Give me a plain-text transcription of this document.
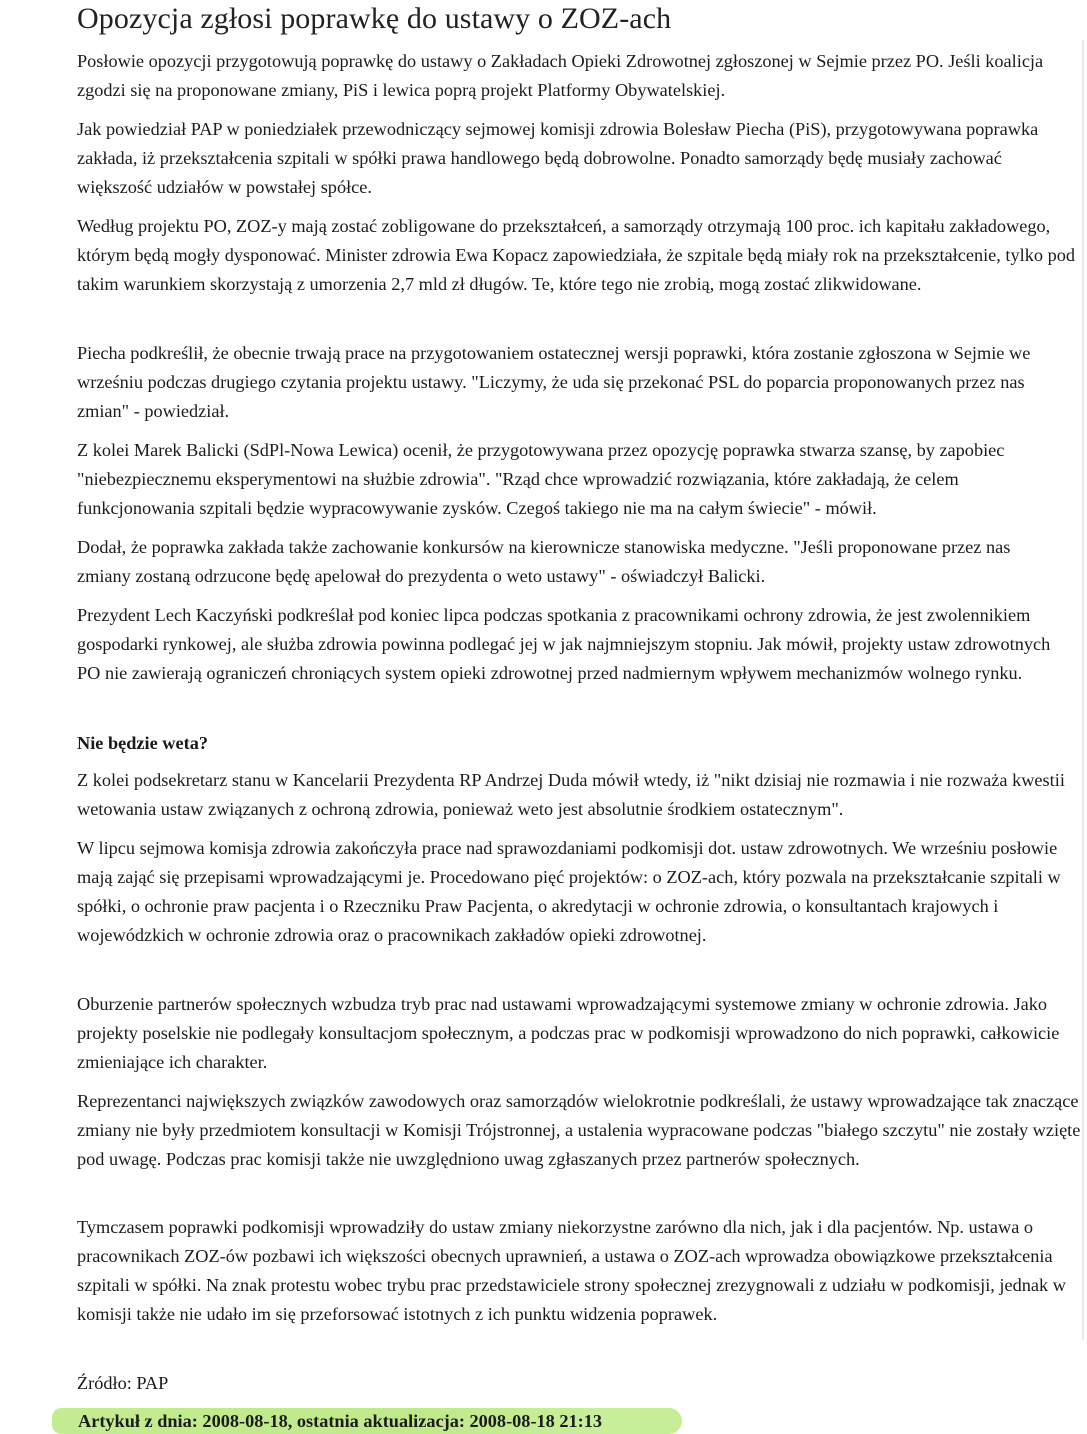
Opozycja zgłosi poprawkę do ustawy o ZOZ-ach

Posłowie opozycji przygotowują poprawkę do ustawy o Zakładach Opieki Zdrowotnej zgłoszonej w Sejmie przez PO. Jeśli koalicja zgodzi się na proponowane zmiany, PiS i lewica poprą projekt Platformy Obywatelskiej.

Jak powiedział PAP w poniedziałek przewodniczący sejmowej komisji zdrowia Bolesław Piecha (PiS), przygotowywana poprawka zakłada, iż przekształcenia szpitali w spółki prawa handlowego będą dobrowolne. Ponadto samorządy będę musiały zachować większość udziałów w powstałej spółce.

Według projektu PO, ZOZ-y mają zostać zobligowane do przekształceń, a samorządy otrzymają 100 proc. ich kapitału zakładowego, którym będą mogły dysponować. Minister zdrowia Ewa Kopacz zapowiedziała, że szpitale będą miały rok na przekształcenie, tylko pod takim warunkiem skorzystają z umorzenia 2,7 mld zł długów. Te, które tego nie zrobią, mogą zostać zlikwidowane.

Piecha podkreślił, że obecnie trwają prace na przygotowaniem ostatecznej wersji poprawki, która zostanie zgłoszona w Sejmie we wrześniu podczas drugiego czytania projektu ustawy. "Liczymy, że uda się przekonać PSL do poparcia proponowanych przez nas zmian" - powiedział.

Z kolei Marek Balicki (SdPl-Nowa Lewica) ocenił, że przygotowywana przez opozycję poprawka stwarza szansę, by zapobiec "niebezpiecznemu eksperymentowi na służbie zdrowia". "Rząd chce wprowadzić rozwiązania, które zakładają, że celem funkcjonowania szpitali będzie wypracowywanie zysków. Czegoś takiego nie ma na całym świecie" - mówił.

Dodał, że poprawka zakłada także zachowanie konkursów na kierownicze stanowiska medyczne. "Jeśli proponowane przez nas zmiany zostaną odrzucone będę apelował do prezydenta o weto ustawy" - oświadczył Balicki.

Prezydent Lech Kaczyński podkreślał pod koniec lipca podczas spotkania z pracownikami ochrony zdrowia, że jest zwolennikiem gospodarki rynkowej, ale służba zdrowia powinna podlegać jej w jak najmniejszym stopniu. Jak mówił, projekty ustaw zdrowotnych PO nie zawierają ograniczeń chroniących system opieki zdrowotnej przed nadmiernym wpływem mechanizmów wolnego rynku.

Nie będzie weta?

Z kolei podsekretarz stanu w Kancelarii Prezydenta RP Andrzej Duda mówił wtedy, iż "nikt dzisiaj nie rozmawia i nie rozważa kwestii wetowania ustaw związanych z ochroną zdrowia, ponieważ weto jest absolutnie środkiem ostatecznym".

W lipcu sejmowa komisja zdrowia zakończyła prace nad sprawozdaniami podkomisji dot. ustaw zdrowotnych. We wrześniu posłowie mają zająć się przepisami wprowadzającymi je. Procedowano pięć projektów: o ZOZ-ach, który pozwala na przekształcanie szpitali w spółki, o ochronie praw pacjenta i o Rzeczniku Praw Pacjenta, o akredytacji w ochronie zdrowia, o konsultantach krajowych i wojewódzkich w ochronie zdrowia oraz o pracownikach zakładów opieki zdrowotnej.

Oburzenie partnerów społecznych wzbudza tryb prac nad ustawami wprowadzającymi systemowe zmiany w ochronie zdrowia. Jako projekty poselskie nie podlegały konsultacjom społecznym, a podczas prac w podkomisji wprowadzono do nich poprawki, całkowicie zmieniające ich charakter.

Reprezentanci największych związków zawodowych oraz samorządów wielokrotnie podkreślali, że ustawy wprowadzające tak znaczące zmiany nie były przedmiotem konsultacji w Komisji Trójstronnej, a ustalenia wypracowane podczas "białego szczytu" nie zostały wzięte pod uwagę. Podczas prac komisji także nie uwzględniono uwag zgłaszanych przez partnerów społecznych.

Tymczasem poprawki podkomisji wprowadziły do ustaw zmiany niekorzystne zarówno dla nich, jak i dla pacjentów. Np. ustawa o pracownikach ZOZ-ów pozbawi ich większości obecnych uprawnień, a ustawa o ZOZ-ach wprowadza obowiązkowe przekształcenia szpitali w spółki. Na znak protestu wobec trybu prac przedstawiciele strony społecznej zrezygnowali z udziału w podkomisji, jednak w komisji także nie udało im się przeforsować istotnych z ich punktu widzenia poprawek.

Źródło: PAP

Artykuł z dnia: 2008-08-18, ostatnia aktualizacja: 2008-08-18 21:13
